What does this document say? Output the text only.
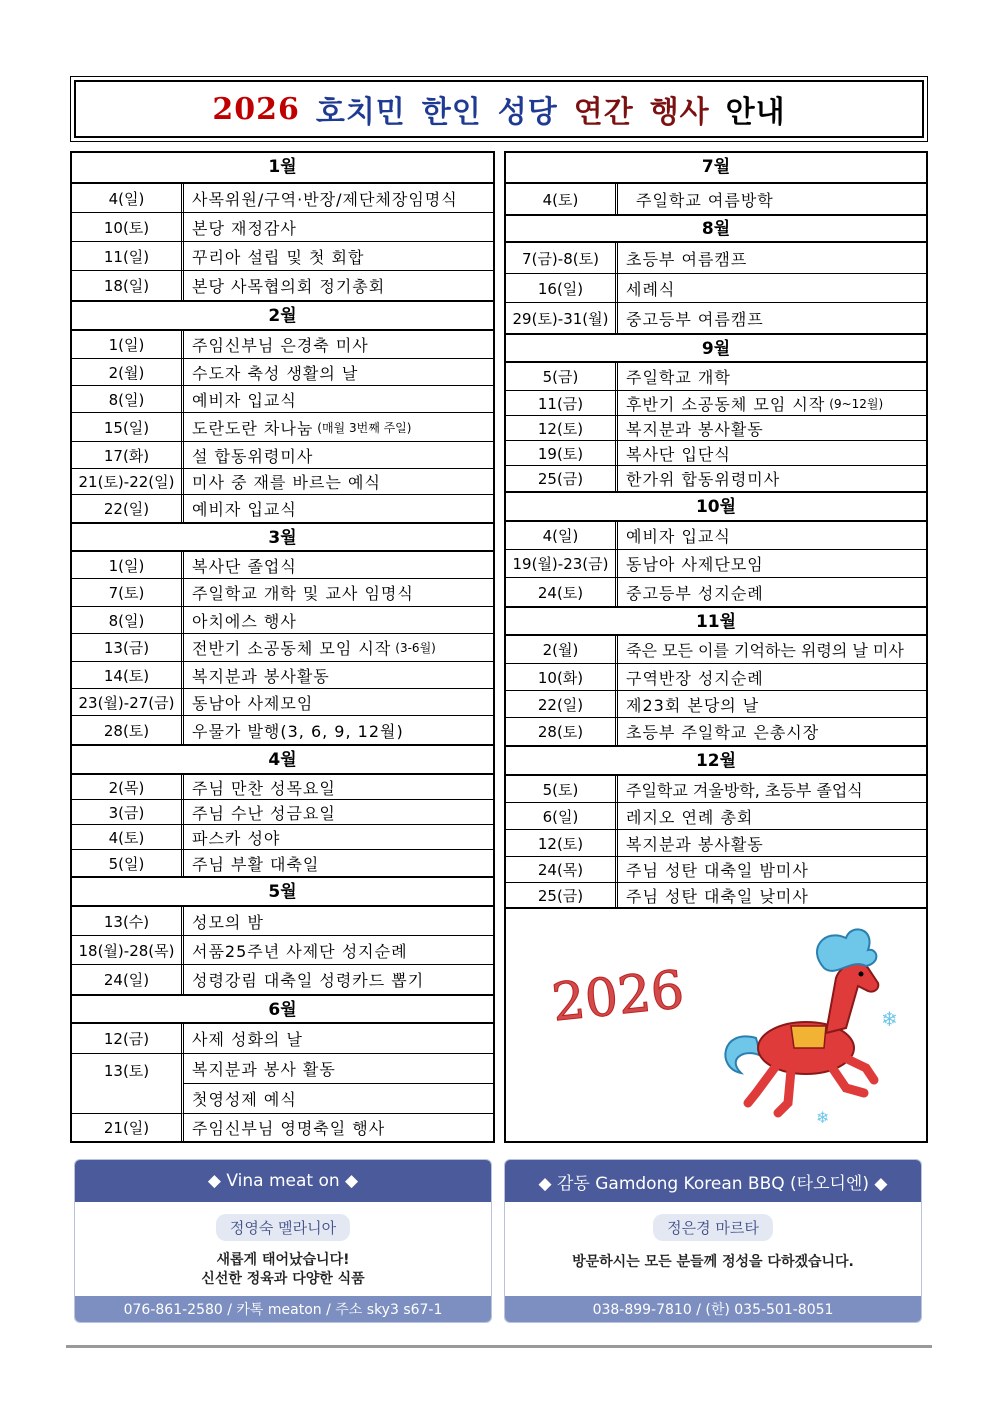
2026 호치민 한인 성당 연간 행사 안내
1월
4(일)	사목위원/구역·반장/제단체장임명식
10(토)	본당 재정감사
11(일)	꾸리아 설립 및 첫 회합
18(일)	본당 사목협의회 정기총회
2월
1(일)	주임신부님 은경축 미사
2(월)	수도자 축성 생활의 날
8(일)	예비자 입교식
15(일)	도란도란 차나눔 (매월 3번째 주일)
17(화)	설 합동위령미사
21(토)-22(일)	미사 중 재를 바르는 예식
22(일)	예비자 입교식
3월
1(일)	복사단 졸업식
7(토)	주일학교 개학 및 교사 임명식
8(일)	아치에스 행사
13(금)	전반기 소공동체 모임 시작 (3-6월)
14(토)	복지분과 봉사활동
23(월)-27(금)	동남아 사제모임
28(토)	우물가 발행(3, 6, 9, 12월)
4월
2(목)	주님 만찬 성목요일
3(금)	주님 수난 성금요일
4(토)	파스카 성야
5(일)	주님 부활 대축일
5월
13(수)	성모의 밤
18(월)-28(목)	서품25주년 사제단 성지순례
24(일)	성령강림 대축일 성령카드 뽑기
6월
12(금)	사제 성화의 날
13(토)	복지분과 봉사 활동
첫영성제 예식
21(일)	주임신부님 영명축일 행사
7월
4(토)	주일학교 여름방학
8월
7(금)-8(토)	초등부 여름캠프
16(일)	세례식
29(토)-31(월)	중고등부 여름캠프
9월
5(금)	주일학교 개학
11(금)	후반기 소공동체 모임 시작 (9~12월)
12(토)	복지분과 봉사활동
19(토)	복사단 입단식
25(금)	한가위 합동위령미사
10월
4(일)	예비자 입교식
19(월)-23(금)	동남아 사제단모임
24(토)	중고등부 성지순례
11월
2(월)	죽은 모든 이를 기억하는 위령의 날 미사
10(화)	구역반장 성지순례
22(일)	제23회 본당의 날
28(토)	초등부 주일학교 은총시장
12월
5(토)	주일학교 겨울방학, 초등부 졸업식
6(일)	레지오 연례 총회
12(토)	복지분과 봉사활동
24(목)	주님 성탄 대축일 밤미사
25(금)	주님 성탄 대축일 낮미사
2026	❄
❄
◆ Vina meat on ◆
정영숙 멜라니아
새롭게 태어났습니다!
신선한 정육과 다양한 식품
076-861-2580 / 카톡 meaton / 주소 sky3 s67-1
◆ 감동 Gamdong Korean BBQ (타오디엔) ◆
정은경 마르타
방문하시는 모든 분들께 정성을 다하겠습니다.
038-899-7810 / (한) 035-501-8051
